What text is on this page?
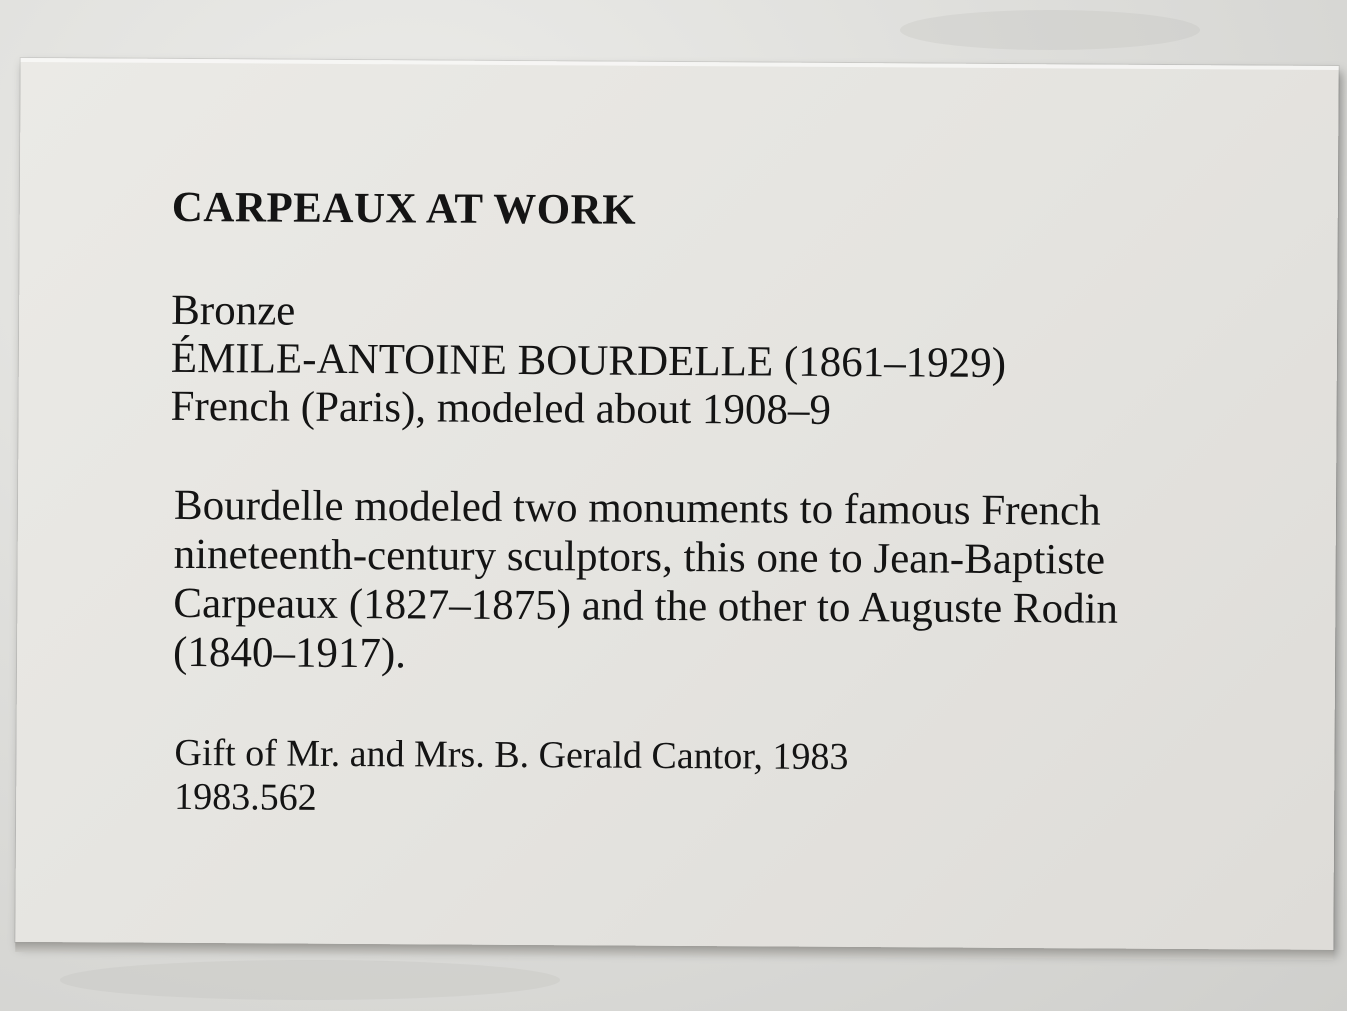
CARPEAUX AT WORK
Bronze
ÉMILE-ANTOINE BOURDELLE (1861–1929)
French (Paris), modeled about 1908–9
Bourdelle modeled two monuments to famous French
nineteenth-century sculptors, this one to Jean-Baptiste
Carpeaux (1827–1875) and the other to Auguste Rodin
(1840–1917).
Gift of Mr. and Mrs. B. Gerald Cantor, 1983
1983.562
